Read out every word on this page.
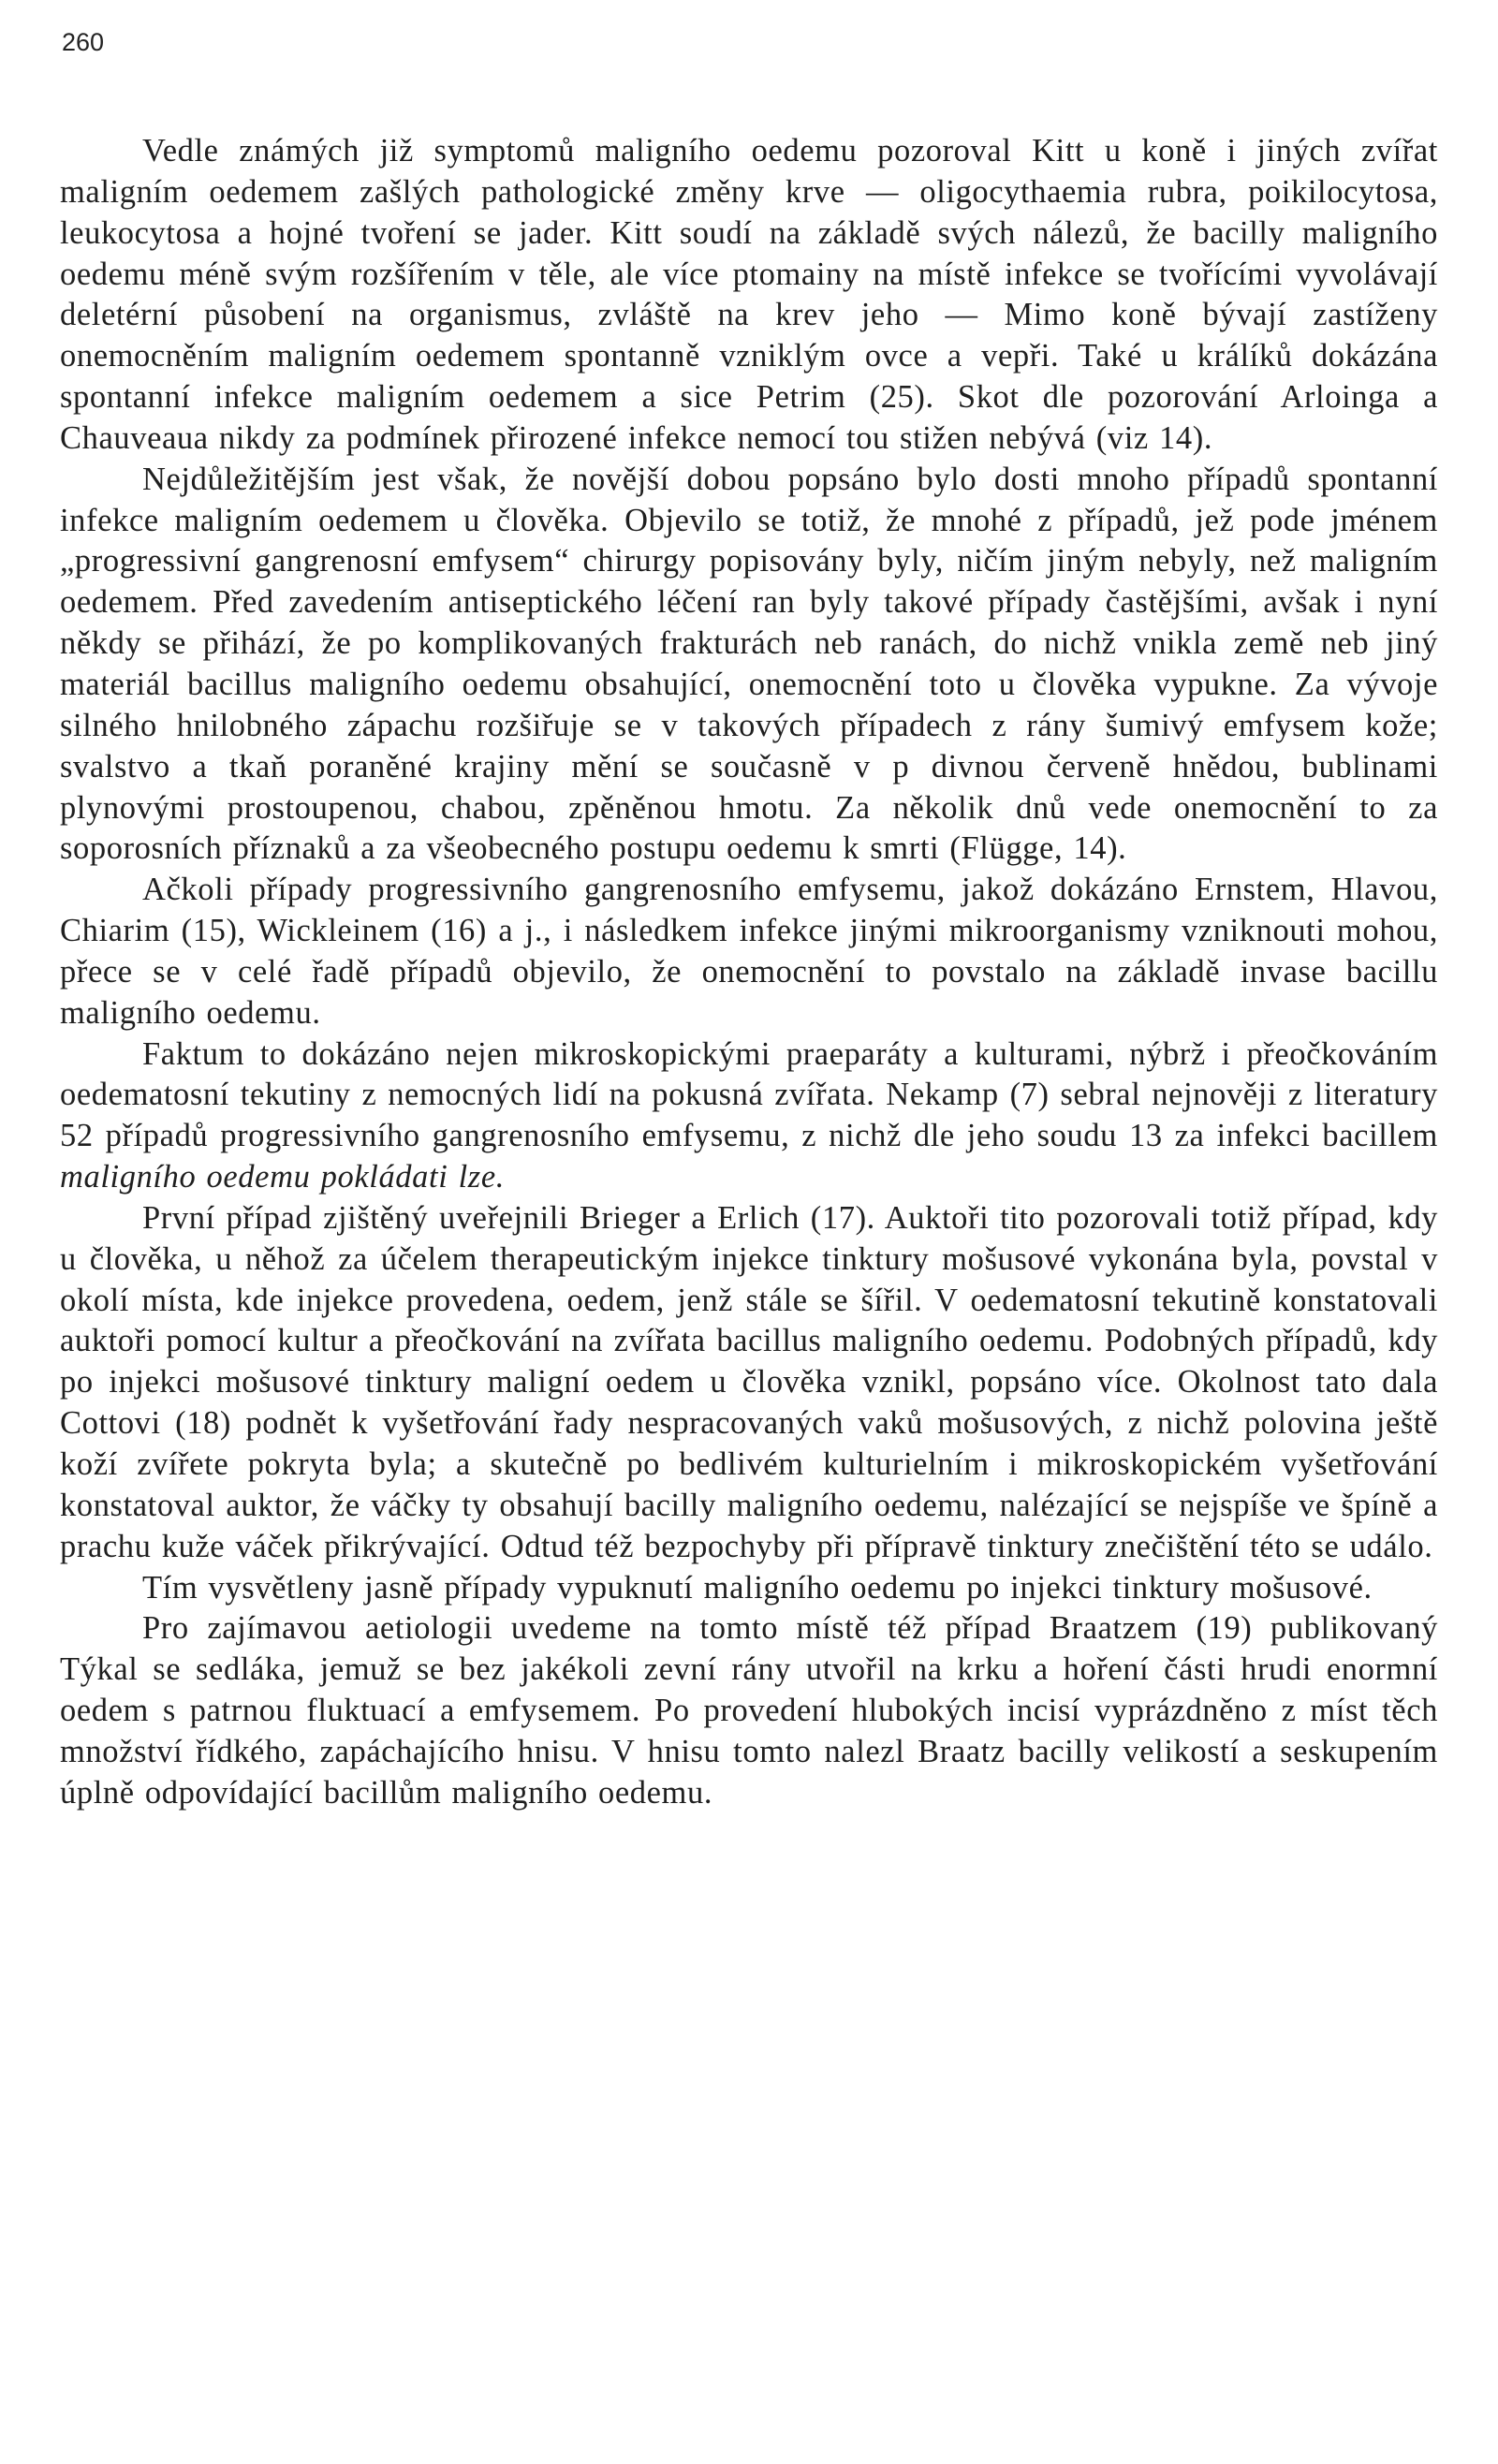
260

Vedle známých již symptomů maligního oedemu pozoroval Kitt u koně i jiných zvířat maligním oedemem zašlých pathologické změny krve — oligocythaemia rubra, poikilocytosa, leukocytosa a hojné tvoření se jader. Kitt soudí na základě svých nálezů, že bacilly maligního oedemu méně svým rozšířením v těle, ale více ptomainy na místě infekce se tvořícími vyvolávají deletérní působení na organismus, zvláště na krev jeho — Mimo koně bývají zastíženy onemocněním maligním oedemem spontanně vzniklým ovce a vepři. Také u králíků dokázána spontanní infekce maligním oedemem a sice Petrim (25). Skot dle pozorování Arloinga a Chauveaua nikdy za podmínek přirozené infekce nemocí tou stižen nebývá (viz 14).

Nejdůležitějším jest však, že novější dobou popsáno bylo dosti mnoho případů spontanní infekce maligním oedemem u člověka. Objevilo se totiž, že mnohé z případů, jež pode jménem „progressivní gangrenosní emfysem“ chirurgy popisovány byly, ničím jiným nebyly, než maligním oedemem. Před zavedením antiseptického léčení ran byly takové případy častějšími, avšak i nyní někdy se přihází, že po komplikovaných frakturách neb ranách, do nichž vnikla země neb jiný materiál bacillus maligního oedemu obsahující, onemocnění toto u člověka vypukne. Za vývoje silného hnilobného zápachu rozšiřuje se v takových případech z rány šumivý emfysem kože; svalstvo a tkaň poraněné krajiny mění se současně v p divnou červeně hnědou, bublinami plynovými prostoupenou, chabou, zpěněnou hmotu. Za několik dnů vede onemocnění to za soporosních příznaků a za všeobecného postupu oedemu k smrti (Flügge, 14).

Ačkoli případy progressivního gangrenosního emfysemu, jakož dokázáno Ernstem, Hlavou, Chiarim (15), Wickleinem (16) a j., i následkem infekce jinými mikroorganismy vzniknouti mohou, přece se v celé řadě případů objevilo, že onemocnění to povstalo na základě invase bacillu maligního oedemu.

Faktum to dokázáno nejen mikroskopickými praeparáty a kulturami, nýbrž i přeočkováním oedematosní tekutiny z nemocných lidí na pokusná zvířata. Nekamp (7) sebral nejnověji z literatury 52 případů progressivního gangrenosního emfysemu, z nichž dle jeho soudu 13 za infekci bacillem maligního oedemu pokládati lze.

První případ zjištěný uveřejnili Brieger a Erlich (17). Auktoři tito pozorovali totiž případ, kdy u člověka, u něhož za účelem therapeutickým injekce tinktury mošusové vykonána byla, povstal v okolí místa, kde injekce provedena, oedem, jenž stále se šířil. V oedematosní tekutině konstatovali auktoři pomocí kultur a přeočkování na zvířata bacillus maligního oedemu. Podobných případů, kdy po injekci mošusové tinktury maligní oedem u člověka vznikl, popsáno více. Okolnost tato dala Cottovi (18) podnět k vyšetřování řady nespracovaných vaků mošusových, z nichž polovina ještě koží zvířete pokryta byla; a skutečně po bedlivém kulturielním i mikroskopickém vyšetřování konstatoval auktor, že váčky ty obsahují bacilly maligního oedemu, nalézající se nejspíše ve špíně a prachu kuže váček přikrývající. Odtud též bezpochyby při přípravě tinktury znečištění této se událo.

Tím vysvětleny jasně případy vypuknutí maligního oedemu po injekci tinktury mošusové.

Pro zajímavou aetiologii uvedeme na tomto místě též případ Braatzem (19) publikovaný Týkal se sedláka, jemuž se bez jakékoli zevní rány utvořil na krku a hoření části hrudi enormní oedem s patrnou fluktuací a emfysemem. Po provedení hlubokých incisí vyprázdněno z míst těch množství řídkého, zapáchajícího hnisu. V hnisu tomto nalezl Braatz bacilly velikostí a seskupením úplně odpovídající bacillům maligního oedemu.
